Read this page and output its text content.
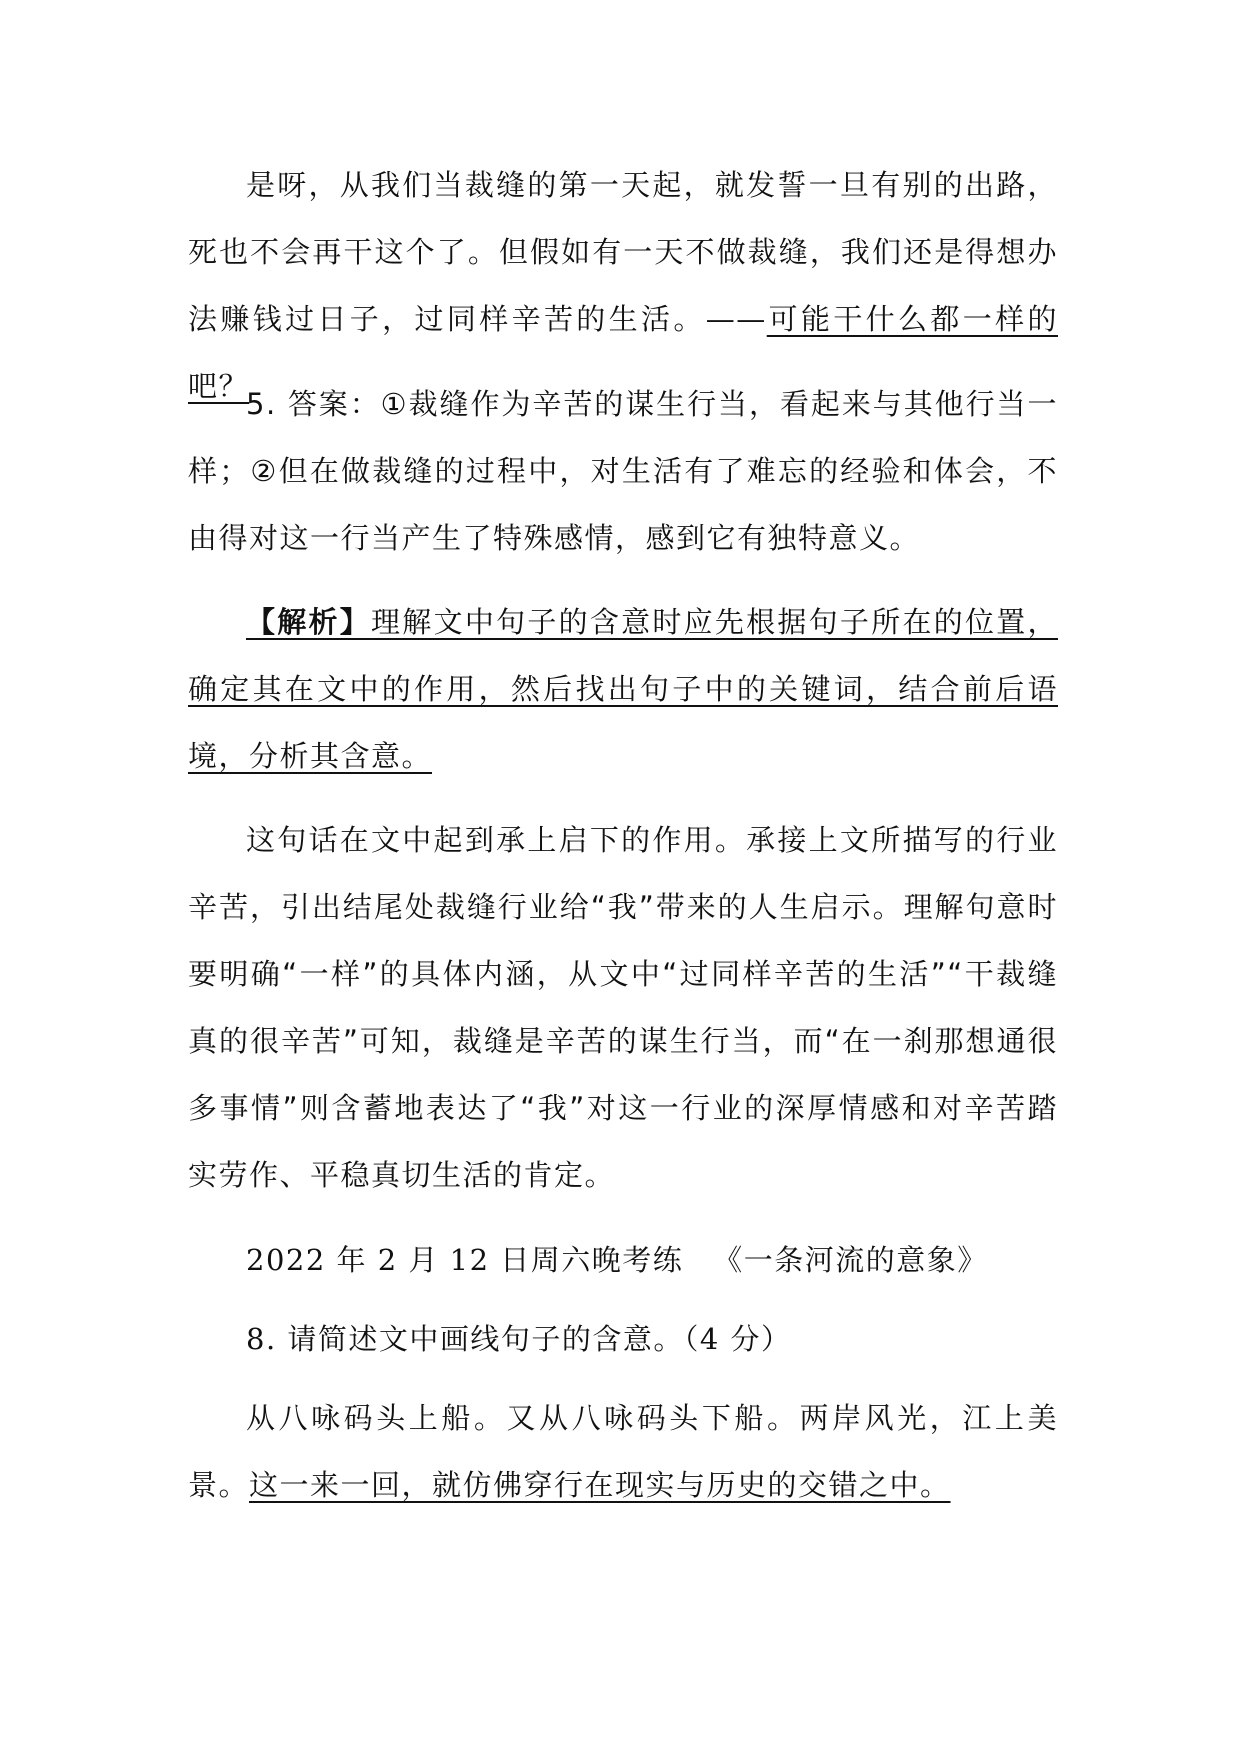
是呀，从我们当裁缝的第一天起，就发誓一旦有别的出路，死也不会再干这个了。但假如有一天不做裁缝，我们还是得想办法赚钱过日子，过同样辛苦的生活。——可能干什么都一样的吧？

5. 答案：①裁缝作为辛苦的谋生行当，看起来与其他行当一样；②但在做裁缝的过程中，对生活有了难忘的经验和体会，不由得对这一行当产生了特殊感情，感到它有独特意义。

【解析】理解文中句子的含意时应先根据句子所在的位置，确定其在文中的作用，然后找出句子中的关键词，结合前后语境，分析其含意。

这句话在文中起到承上启下的作用。承接上文所描写的行业辛苦，引出结尾处裁缝行业给“我”带来的人生启示。理解句意时要明确“一样”的具体内涵，从文中“过同样辛苦的生活”“干裁缝真的很辛苦”可知，裁缝是辛苦的谋生行当，而“在一刹那想通很多事情”则含蓄地表达了“我”对这一行业的深厚情感和对辛苦踏实劳作、平稳真切生活的肯定。

2022 年 2 月 12 日周六晚考练 《一条河流的意象》

8. 请简述文中画线句子的含意。（4 分）

从八咏码头上船。又从八咏码头下船。两岸风光，江上美景。这一来一回，就仿佛穿行在现实与历史的交错之中。
